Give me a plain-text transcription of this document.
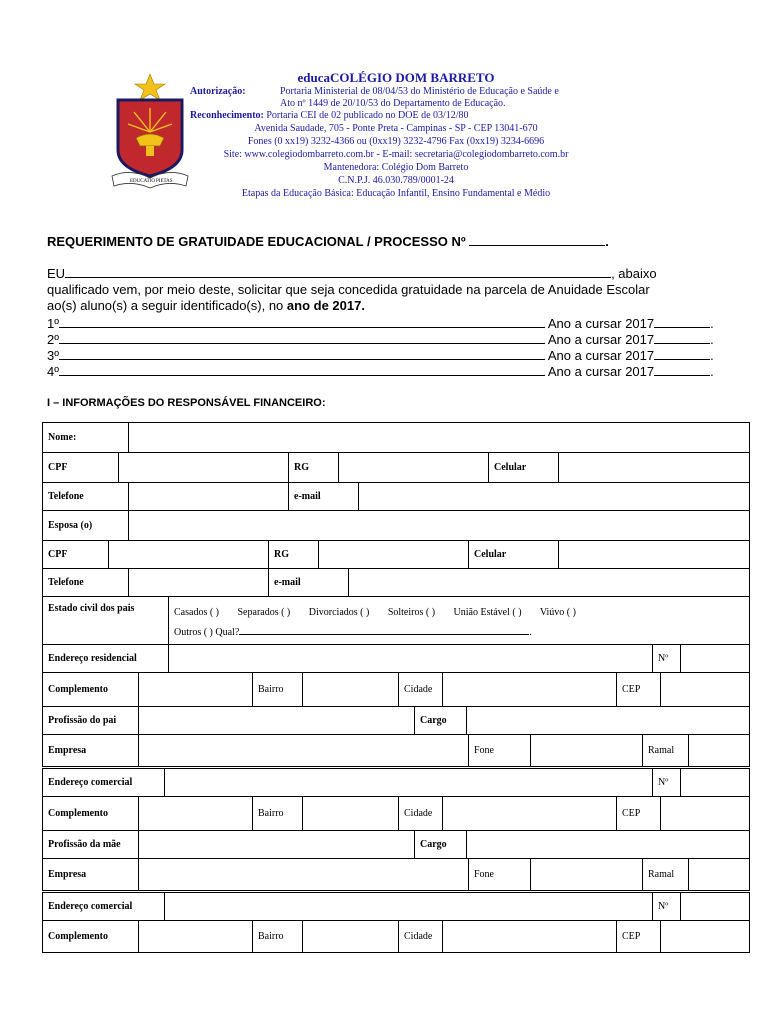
EDUCATIO PIETAS
educaCOLÉGIO DOM BARRETO
Autorização:	Portaria Ministerial de 08/04/53 do Ministério de Educação e Saúde e
Ato nº 1449 de 20/10/53 do Departamento de Educação.
Reconhecimento: Portaria CEI de 02 publicado no DOE de 03/12/80
Avenida Saudade, 705 - Ponte Preta - Campinas - SP - CEP 13041-670
Fones (0 xx19) 3232-4366 ou (0xx19) 3232-4796 Fax (0xx19) 3234-6696
Site: www.colegiodombarreto.com.br - E-mail: secretaria@colegiodombarreto.com.br
Mantenedora: Colégio Dom Barreto
C.N.P.J. 46.030.789/0001-24
Etapas da Educação Básica: Educação Infantil, Ensino Fundamental e Médio
REQUERIMENTO DE GRATUIDADE EDUCACIONAL / PROCESSO Nº	.
EU	, abaixo
qualificado vem, por meio deste, solicitar que seja concedida gratuidade na parcela de Anuidade Escolar
ao(s) aluno(s) a seguir identificado(s), no ano de 2017.
1º	Ano a cursar 2017	.
2º	Ano a cursar 2017	.
3º	Ano a cursar 2017	.
4º	Ano a cursar 2017	.
I – INFORMAÇÕES DO RESPONSÁVEL FINANCEIRO:
Nome:	
CPF		RG		Celular	
Telefone		e-mail	
Esposa (o)	
CPF		RG		Celular	
Telefone		e-mail	
Estado civil dos pais	Casados ( ) Separados ( ) Divorciados ( ) Solteiros ( ) União Estável ( ) Viúvo ( )
Outros ( ) Qual?	.
Endereço residencial		Nº	
Complemento		Bairro		Cidade		CEP	
Profissão do pai		Cargo	
Empresa		Fone		Ramal	
Endereço comercial		Nº	
Complemento		Bairro		Cidade		CEP	
Profissão da mãe		Cargo	
Empresa		Fone		Ramal	
Endereço comercial		Nº	
Complemento		Bairro		Cidade		CEP	
